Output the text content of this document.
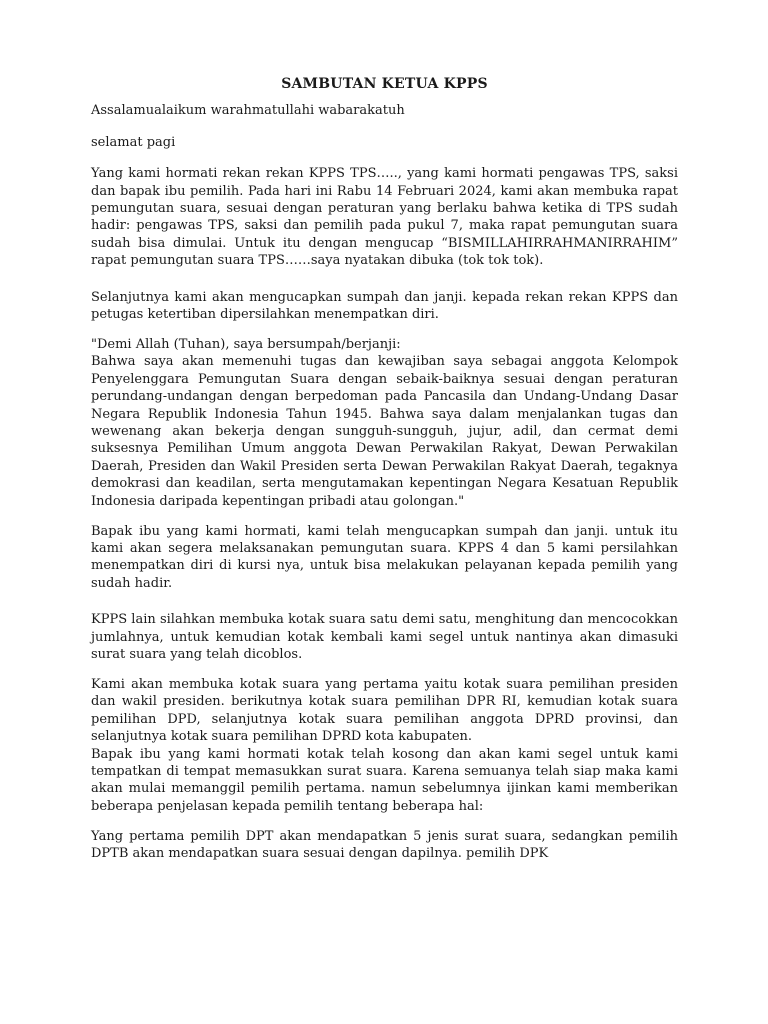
SAMBUTAN KETUA KPPS
Assalamualaikum warahmatullahi wabarakatuh
selamat pagi
Yang kami hormati rekan rekan KPPS TPS….., yang kami hormati pengawas TPS, saksi dan bapak ibu pemilih. Pada hari ini Rabu 14 Februari 2024, kami akan membuka rapat pemungutan suara, sesuai dengan peraturan yang berlaku bahwa ketika di TPS sudah hadir: pengawas TPS, saksi dan pemilih pada pukul 7, maka rapat pemungutan suara sudah bisa dimulai. Untuk itu dengan mengucap “BISMILLAHIRRAHMANIRRAHIM” rapat pemungutan suara TPS……saya nyatakan dibuka (tok tok tok).
Selanjutnya kami akan mengucapkan sumpah dan janji. kepada rekan rekan KPPS dan petugas ketertiban dipersilahkan menempatkan diri.
"Demi Allah (Tuhan), saya bersumpah/berjanji:
Bahwa saya akan memenuhi tugas dan kewajiban saya sebagai anggota Kelompok Penyelenggara Pemungutan Suara dengan sebaik-baiknya sesuai dengan peraturan perundang-undangan dengan berpedoman pada Pancasila dan Undang-Undang Dasar Negara Republik Indonesia Tahun 1945. Bahwa saya dalam menjalankan tugas dan wewenang akan bekerja dengan sungguh-sungguh, jujur, adil, dan cermat demi suksesnya Pemilihan Umum anggota Dewan Perwakilan Rakyat, Dewan Perwakilan Daerah, Presiden dan Wakil Presiden serta Dewan Perwakilan Rakyat Daerah, tegaknya demokrasi dan keadilan, serta mengutamakan kepentingan Negara Kesatuan Republik Indonesia daripada kepentingan pribadi atau golongan."
Bapak ibu yang kami hormati, kami telah mengucapkan sumpah dan janji. untuk itu kami akan segera melaksanakan pemungutan suara. KPPS 4 dan 5 kami persilahkan menempatkan diri di kursi nya, untuk bisa melakukan pelayanan kepada pemilih yang sudah hadir.
KPPS lain silahkan membuka kotak suara satu demi satu, menghitung dan mencocokkan jumlahnya, untuk kemudian kotak kembali kami segel untuk nantinya akan dimasuki surat suara yang telah dicoblos.
Kami akan membuka kotak suara yang pertama yaitu kotak suara pemilihan presiden dan wakil presiden. berikutnya kotak suara pemilihan DPR RI, kemudian kotak suara pemilihan DPD, selanjutnya kotak suara pemilihan anggota DPRD provinsi, dan selanjutnya kotak suara pemilihan DPRD kota kabupaten.
Bapak ibu yang kami hormati kotak telah kosong dan akan kami segel untuk kami tempatkan di tempat memasukkan surat suara. Karena semuanya telah siap maka kami akan mulai memanggil pemilih pertama. namun sebelumnya ijinkan kami memberikan beberapa penjelasan kepada pemilih tentang beberapa hal:
Yang pertama pemilih DPT akan mendapatkan 5 jenis surat suara, sedangkan pemilih DPTB akan mendapatkan suara sesuai dengan dapilnya. pemilih DPK
